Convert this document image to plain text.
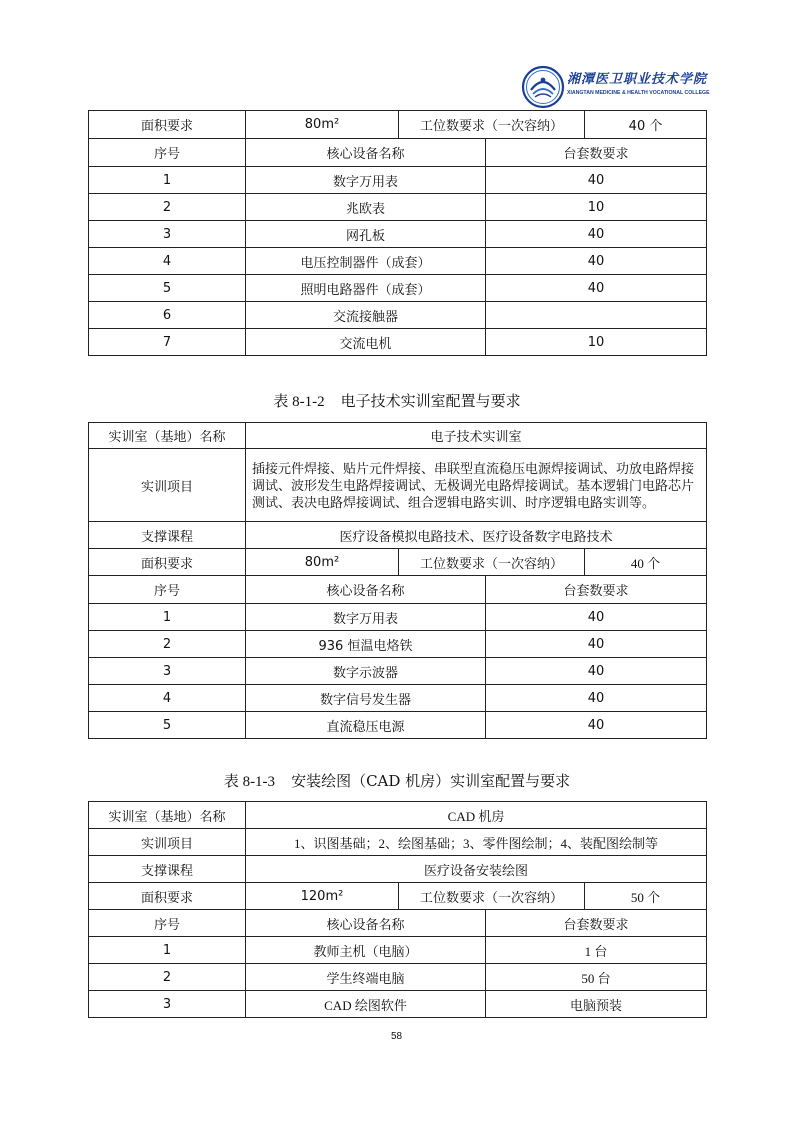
湘潭医卫职业技术学院
XIANGTAN MEDICINE & HEALTH VOCATIONAL COLLEGE
面积要求	80m²	工位数要求（一次容纳）		40 个
序号	核心设备名称		台套数要求	
1	数字万用表		40	
2	兆欧表		10	
3	网孔板		40	
4	电压控制器件（成套）		40	
5	照明电路器件（成套）		40	
6	交流接触器			
7	交流电机		10	
表 8-1-2 电子技术实训室配置与要求
实训室（基地）名称	电子技术实训室			
实训项目	插接元件焊接、贴片元件焊接、串联型直流稳压电源焊接调试、功放电路焊接调试、波形发生电路焊接调试、无极调光电路焊接调试。基本逻辑门电路芯片测试、表决电路焊接调试、组合逻辑电路实训、时序逻辑电路实训等。			
支撑课程	医疗设备模拟电路技术、医疗设备数字电路技术			
面积要求	80m²	工位数要求（一次容纳）		40 个
序号	核心设备名称		台套数要求	
1	数字万用表		40	
2	936 恒温电烙铁		40	
3	数字示波器		40	
4	数字信号发生器		40	
5	直流稳压电源		40	
表 8-1-3 安装绘图（CAD 机房）实训室配置与要求
实训室（基地）名称	CAD 机房			
实训项目	1、识图基础；2、绘图基础；3、零件图绘制；4、装配图绘制等			
支撑课程	医疗设备安装绘图			
面积要求	120m²	工位数要求（一次容纳）		50 个
序号	核心设备名称		台套数要求	
1	教师主机（电脑）		1 台	
2	学生终端电脑		50 台	
3	CAD 绘图软件		电脑预装	
58
